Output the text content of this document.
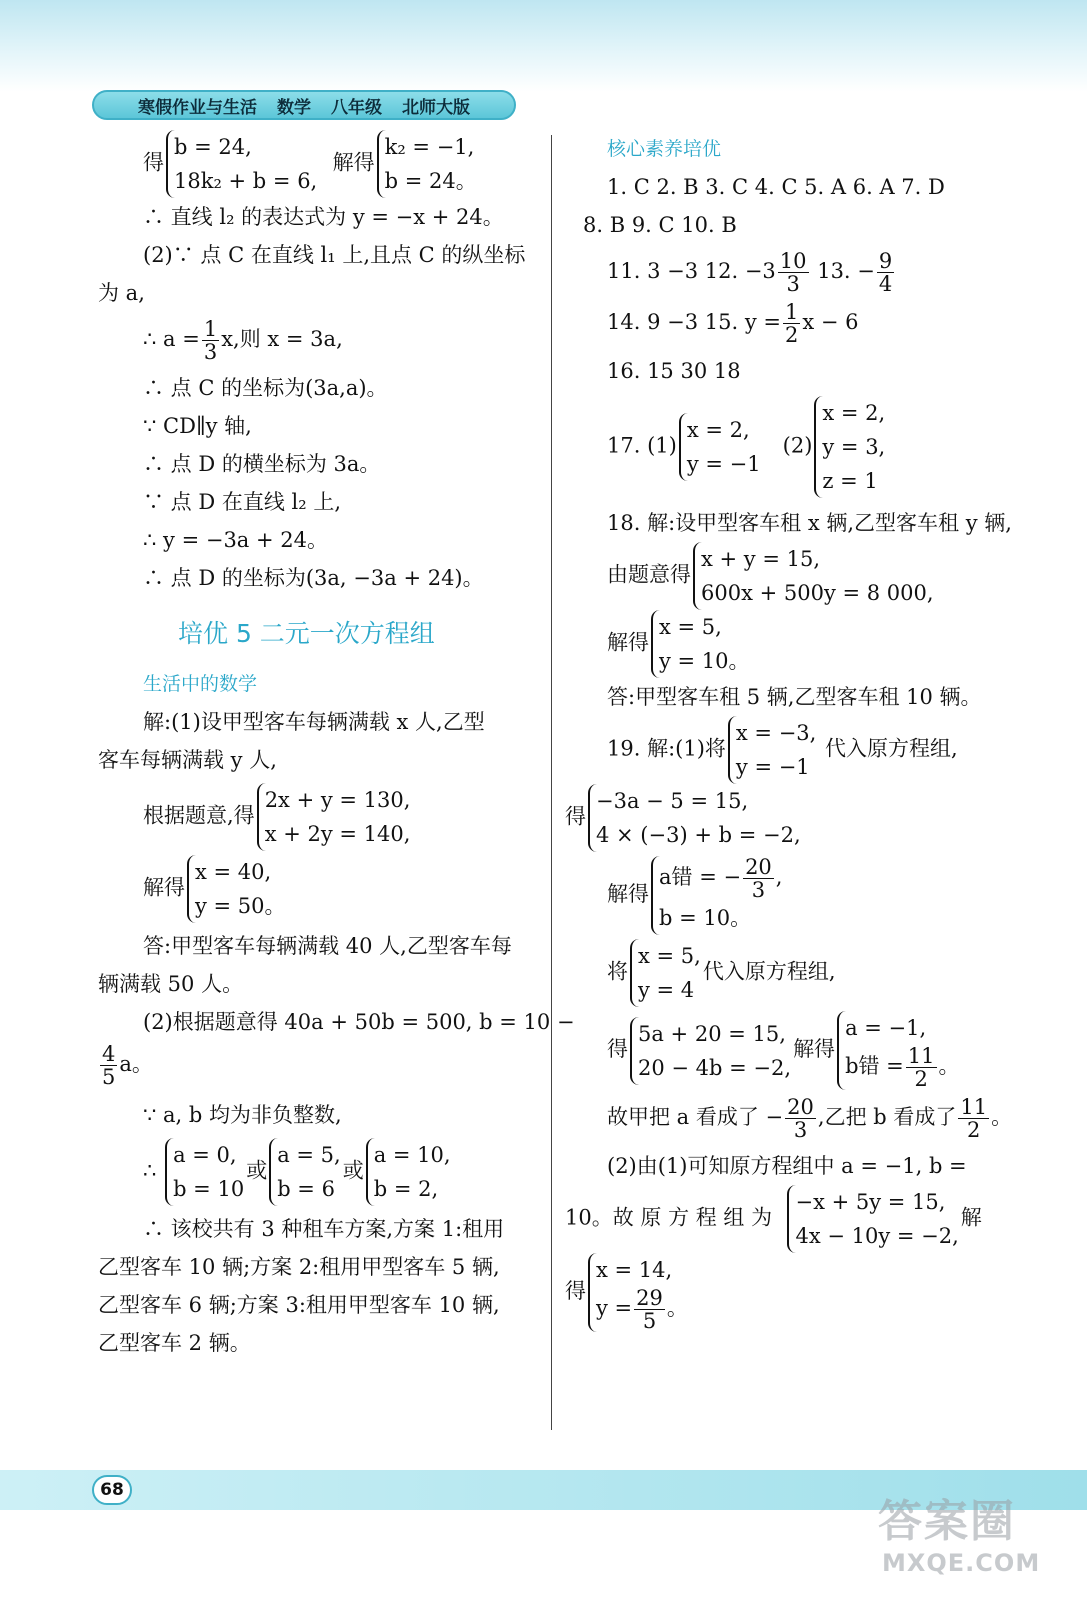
寒假作业与生活 数学 八年级 北师大版
得b = 24,
18k₂ + b = 6,  解得k₂ = −1,
b = 24。
∴ 直线 l₂ 的表达式为 y = −x + 24。
(2)∵ 点 C 在直线 l₁ 上,且点 C 的纵坐标
为 a,
∴ $a = \frac{1}{3} x$,则 x = 3a,
∴ 点 C 的坐标为(3a,a)。
∵ CD∥y 轴,
∴ 点 D 的横坐标为 3a。
∵ 点 D 在直线 l₂ 上,
∴ y = −3a + 24。
∴ 点 D 的坐标为(3a, −3a + 24)。
培优 5 二元一次方程组
生活中的数学
解:(1)设甲型客车每辆满载 x 人,乙型
客车每辆满载 y 人,
根据题意,得2x + y = 130,
x + 2y = 140,
解得x = 40,
y = 50。
答:甲型客车每辆满载 40 人,乙型客车每
辆满载 50 人。
(2)根据题意得 40a + 50b = 500, b = 10 −
$\frac{4}{5}$ a。
∵ a, b 均为非负整数,
∴ a = 0,
b = 10或a = 5,
b = 6或a = 10,
b = 2,
∴ 该校共有 3 种租车方案,方案 1:租用
乙型客车 10 辆;方案 2:租用甲型客车 5 辆,
乙型客车 6 辆;方案 3:租用甲型客车 10 辆,
乙型客车 2 辆。
核心素养培优
1. C 2. B 3. C 4. C 5. A 6. A 7. D
8. B 9. C 10. B
11. 3 −3 12. $-3 \frac{10}{3} 13$. − $\frac{9}{4}$
14. 9 −3 15. $y = \frac{1}{2}$ x − 6
16. 15 30 18
17. (1)x = 2,
y = −1   (2)x = 2,
y = 3,
z = 1
18. 解:设甲型客车租 x 辆,乙型客车租 y 辆,
由题意得x + y = 15,
600x + 500y = 8 000,
解得x = 5,
y = 10。
答:甲型客车租 5 辆,乙型客车租 10 辆。
19. 解:(1)将x = −3,
y = −1 代入原方程组,
得−3a − 5 = 15,
4 × (−3) + b = −2,
解得a错 = − $\frac{20}{3}$ ,
b = 10。
将x = 5,
y = 4代入原方程组,
得5a + 20 = 15,
20 − 4b = −2,解得a = −1,
b错 = $\frac{11}{2}$ 。
故甲把 a 看成了 − $\frac{20}{3}$ ,乙把 b 看成了 $\frac{11}{2}$ 。
(2)由(1)可知原方程组中 a = −1, b =
10。故 原 方 程 组 为  −x + 5y = 15,
4x − 10y = −2,解
得x = 14,
$y = \frac{29}{5}$ 。
68
答案圈
MXQE.COM
